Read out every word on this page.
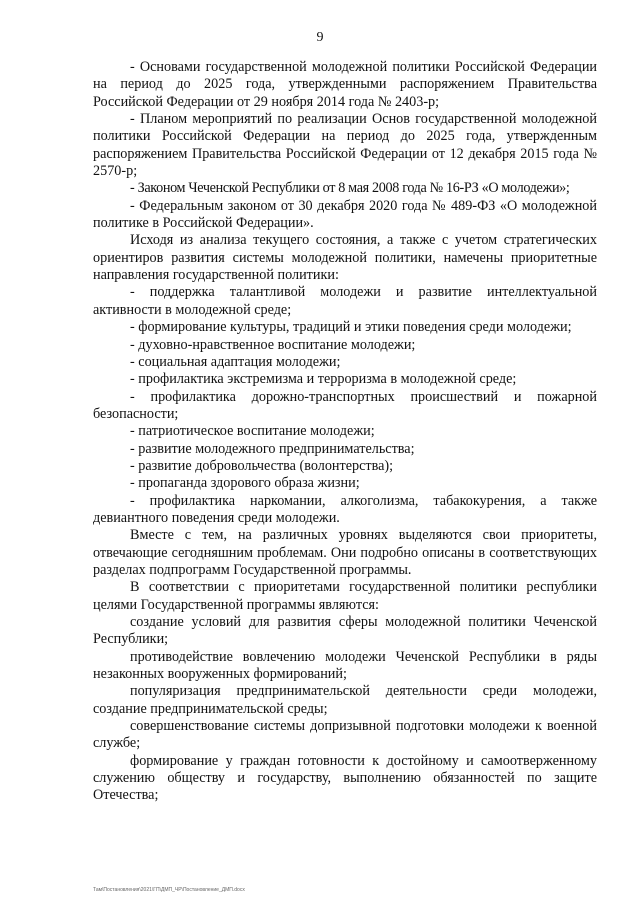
9

- Основами государственной молодежной политики Российской Федерации на период до 2025 года, утвержденными распоряжением Правительства Российской Федерации от 29 ноября 2014 года № 2403-р;

- Планом мероприятий по реализации Основ государственной молодежной политики Российской Федерации на период до 2025 года, утвержденным распоряжением Правительства Российской Федерации от 12 декабря 2015 года № 2570-р;

- Законом Чеченской Республики от 8 мая 2008 года № 16-РЗ «О молодежи»;

- Федеральным законом от 30 декабря 2020 года № 489-ФЗ «О молодежной политике в Российской Федерации».

Исходя из анализа текущего состояния, а также с учетом стратегических ориентиров развития системы молодежной политики, намечены приоритетные направления государственной политики:

- поддержка талантливой молодежи и развитие интеллектуальной активности в молодежной среде;

- формирование культуры, традиций и этики поведения среди молодежи;

- духовно-нравственное воспитание молодежи;

- социальная адаптация молодежи;

- профилактика экстремизма и терроризма в молодежной среде;

- профилактика дорожно-транспортных происшествий и пожарной безопасности;

- патриотическое воспитание молодежи;

- развитие молодежного предпринимательства;

- развитие добровольчества (волонтерства);

- пропаганда здорового образа жизни;

- профилактика наркомании, алкоголизма, табакокурения, а также девиантного поведения среди молодежи.

Вместе с тем, на различных уровнях выделяются свои приоритеты, отвечающие сегодняшним проблемам. Они подробно описаны в соответствующих разделах подпрограмм Государственной программы.

В соответствии с приоритетами государственной политики республики целями Государственной программы являются:

создание условий для развития сферы молодежной политики Чеченской Республики;

противодействие вовлечению молодежи Чеченской Республики в ряды незаконных вооруженных формирований;

популяризация предпринимательской деятельности среди молодежи, создание предпринимательской среды;

совершенствование системы допризывной подготовки молодежи к военной службе;

формирование у граждан готовности к достойному и самоотверженному служению обществу и государству, выполнению обязанностей по защите Отечества;

Там\Постановления\2021\ГП\ДМП_ЧР\Постановление_ДМП.docx
